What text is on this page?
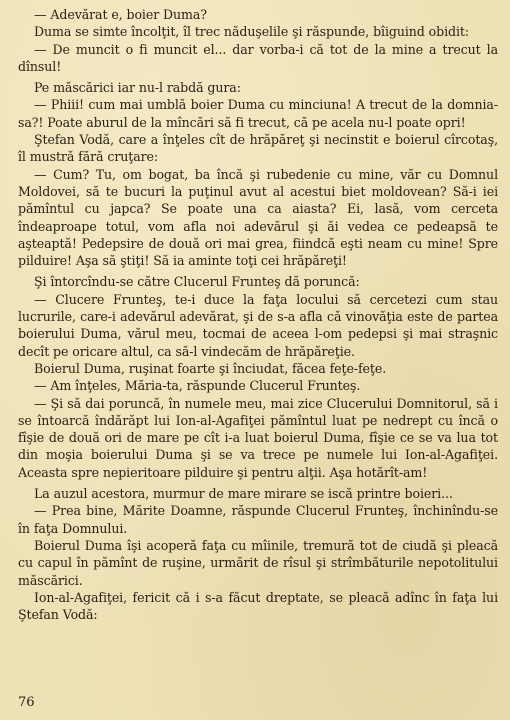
— Adevărat e, boier Duma?

Duma se simte încolţit, îl trec năduşelile şi răspunde, bîiguind obidit:

— De muncit o fi muncit el... dar vorba-i că tot de la mine a trecut la dînsul!

Pe măscărici iar nu-l rabdă gura:

— Phiii! cum mai umblă boier Duma cu minciuna! A trecut de la domnia-sa?! Poate aburul de la mîncări să fi trecut, că pe acela nu-l poate opri!

Ştefan Vodă, care a înţeles cît de hrăpăreţ şi necinstit e boierul cîrcotaş, îl mustră fără cruţare:

— Cum? Tu, om bogat, ba încă şi rubedenie cu mine, văr cu Domnul Moldovei, să te bucuri la puţinul avut al acestui biet moldovean? Să-i iei pămîntul cu japca? Se poate una ca aiasta? Ei, lasă, vom cerceta îndeaproape totul, vom afla noi adevărul şi ăi vedea ce pedeapsă te aşteaptă! Pedepsire de două ori mai grea, fiindcă eşti neam cu mine! Spre pilduire! Aşa să ştiţi! Să ia aminte toţi cei hrăpăreţi!

Şi întorcîndu-se către Clucerul Frunteş dă poruncă:

— Clucere Frunteş, te-i duce la faţa locului să cercetezi cum stau lucrurile, care-i adevărul adevărat, şi de s-a afla că vinovăţia este de partea boierului Duma, vărul meu, tocmai de aceea l-om pedepsi şi mai straşnic decît pe oricare altul, ca să-l vindecăm de hrăpăreţie.

Boierul Duma, ruşinat foarte şi înciudat, făcea feţe-feţe.

— Am înţeles, Măria-ta, răspunde Clucerul Frunteş.

— Şi să dai poruncă, în numele meu, mai zice Clucerului Domnitorul, să i se întoarcă îndărăpt lui Ion-al-Agafiţei pămîntul luat pe nedrept cu încă o fîşie de două ori de mare pe cît i-a luat boierul Duma, fîşie ce se va lua tot din moşia boierului Duma şi se va trece pe numele lui Ion-al-Agafiţei. Aceasta spre nepieritoare pilduire şi pentru alţii. Aşa hotărît-am!

La auzul acestora, murmur de mare mirare se iscă printre boieri...

— Prea bine, Mărite Doamne, răspunde Clucerul Frunteş, închinîndu-se în faţa Domnului.

Boierul Duma îşi acoperă faţa cu mîinile, tremură tot de ciudă şi pleacă cu capul în pămînt de ruşine, urmărit de rîsul şi strîmbăturile nepotolitului măscărici.

Ion-al-Agafiţei, fericit că i s-a făcut dreptate, se pleacă adînc în faţa lui Ştefan Vodă:

76
